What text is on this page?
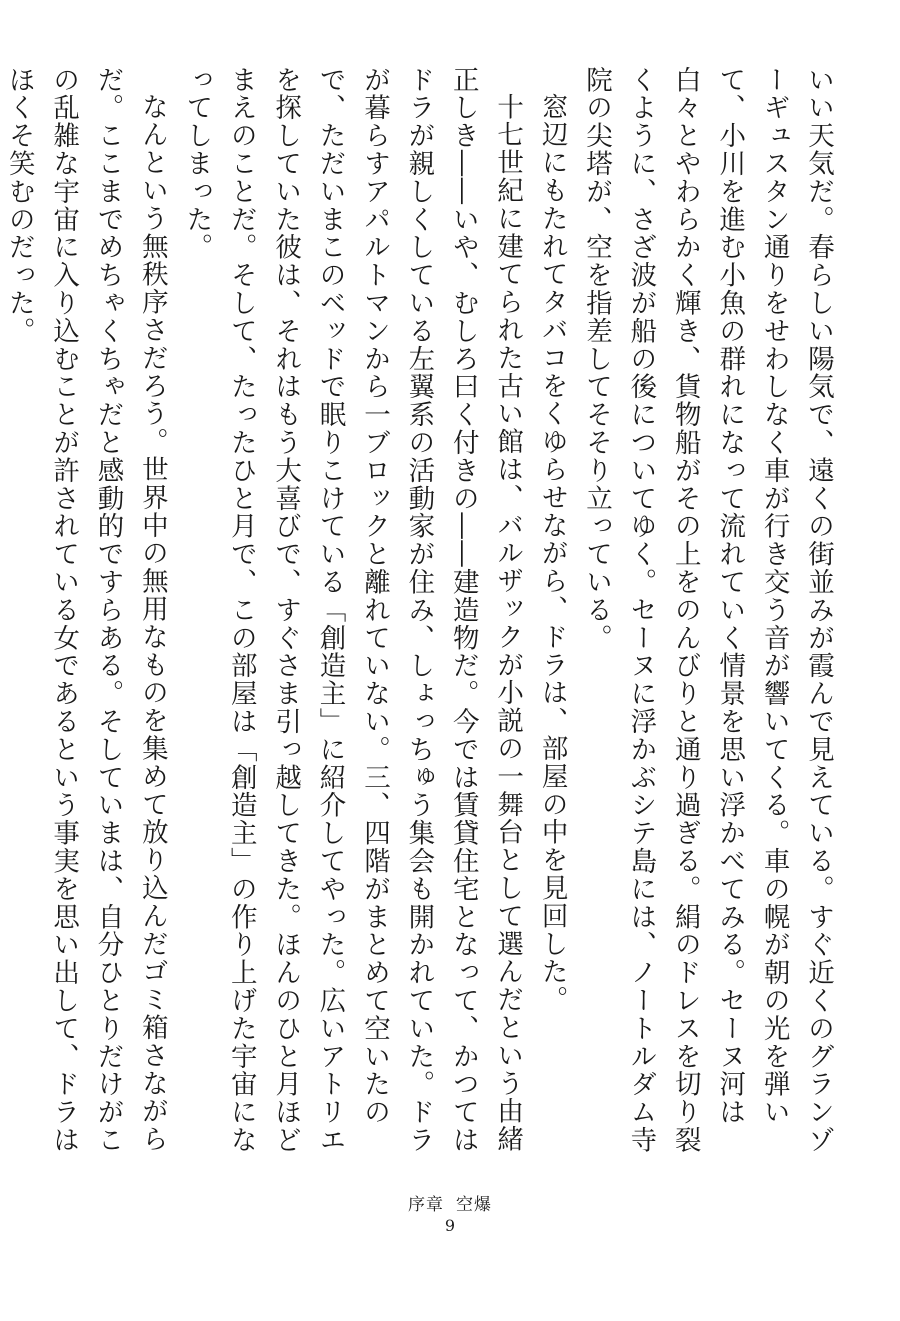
いい天気だ。春らしい陽気で、遠くの街並みが霞んで見えている。すぐ近くのグランゾーギュスタン通りをせわしなく車が行き交う音が響いてくる。車の幌が朝の光を弾いて、小川を進む小魚の群れになって流れていく情景を思い浮かべてみる。セーヌ河は白々とやわらかく輝き、貨物船がその上をのんびりと通り過ぎる。絹のドレスを切り裂くように、さざ波が船の後についてゆく。セーヌに浮かぶシテ島には、ノートルダム寺院の尖塔が、空を指差してそそり立っている。

窓辺にもたれてタバコをくゆらせながら、ドラは、部屋の中を見回した。

十七世紀に建てられた古い館は、バルザックが小説の一舞台として選んだという由緒正しき――いや、むしろ曰く付きの――建造物だ。今では賃貸住宅となって、かつてはドラが親しくしている左翼系の活動家が住み、しょっちゅう集会も開かれていた。ドラが暮らすアパルトマンから一ブロックと離れていない。三、四階がまとめて空いたので、ただいまこのベッドで眠りこけている「創造主」に紹介してやった。広いアトリエを探していた彼は、それはもう大喜びで、すぐさま引っ越してきた。ほんのひと月ほどまえのことだ。そして、たったひと月で、この部屋は「創造主」の作り上げた宇宙になってしまった。

なんという無秩序さだろう。世界中の無用なものを集めて放り込んだゴミ箱さながらだ。ここまでめちゃくちゃだと感動的ですらある。そしていまは、自分ひとりだけがこの乱雑な宇宙に入り込むことが許されている女であるという事実を思い出して、ドラはほくそ笑むのだった。

序章 空爆
9
